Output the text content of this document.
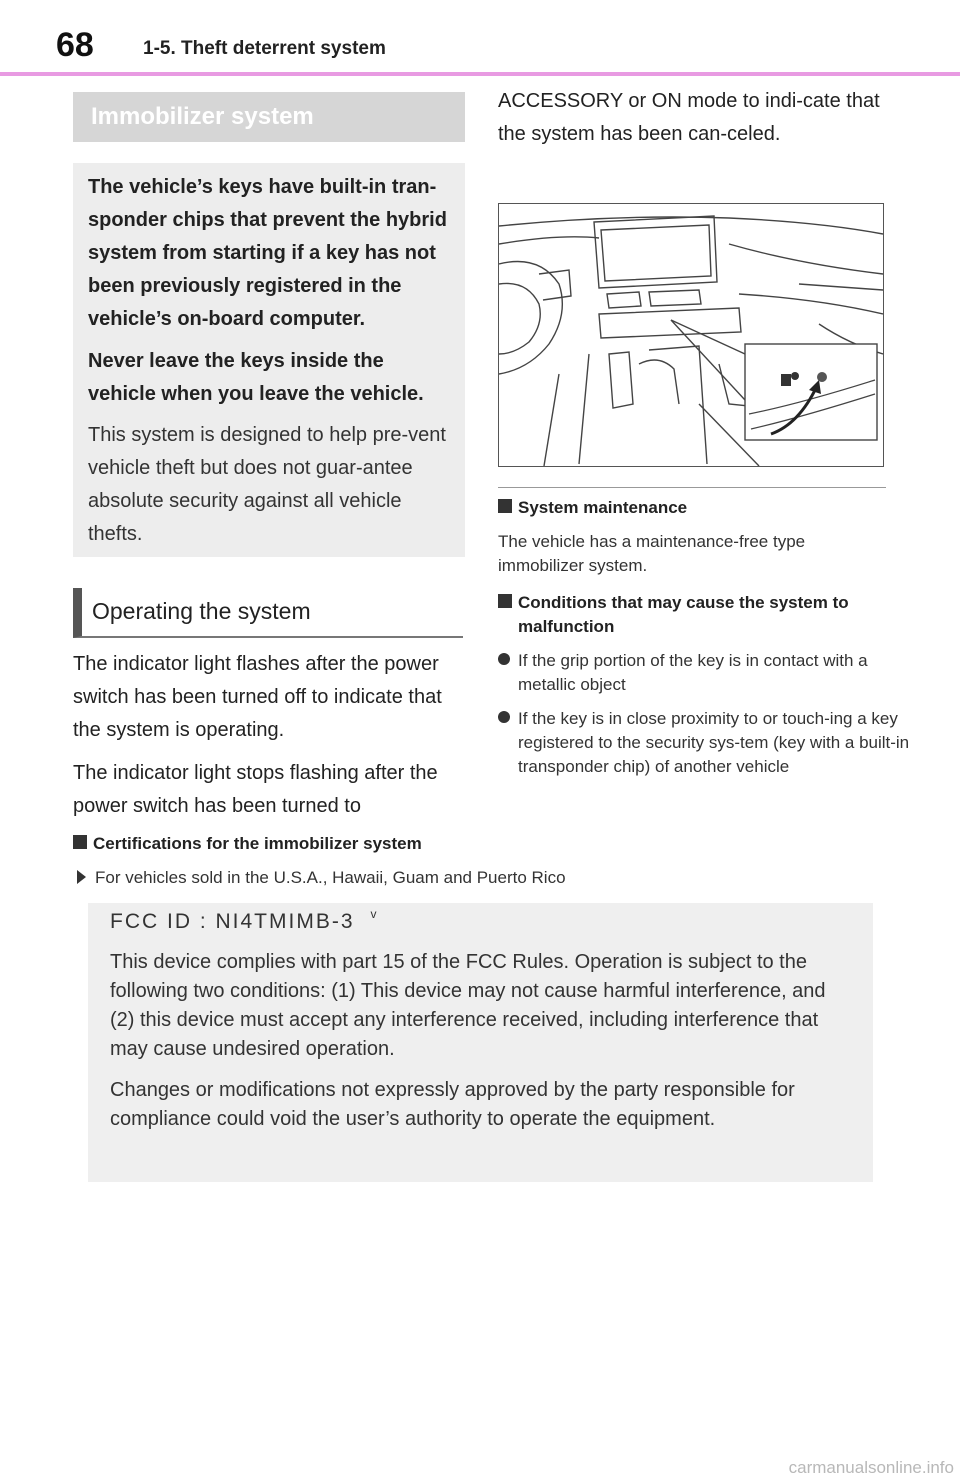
68	1-5. Theft deterrent system
Immobilizer system

The vehicle’s keys have built-in tran-sponder chips that prevent the hybrid system from starting if a key has not been previously registered in the vehicle’s on-board computer.

Never leave the keys inside the vehicle when you leave the vehicle.

This system is designed to help pre-vent vehicle theft but does not guar-antee absolute security against all vehicle thefts.

Operating the system

The indicator light flashes after the power switch has been turned off to indicate that the system is operating.

The indicator light stops flashing after the power switch has been turned to

ACCESSORY or ON mode to indi-cate that the system has been can-celed.

System maintenance

The vehicle has a maintenance-free type immobilizer system.

Conditions that may cause the system to malfunction

If the grip portion of the key is in contact with a metallic object

If the key is in close proximity to or touch-ing a key registered to the security sys-tem (key with a built-in transponder chip) of another vehicle

Certifications for the immobilizer system

For vehicles sold in the U.S.A., Hawaii, Guam and Puerto Rico

FCC ID : NI4TMIMB-3 $^v$

This device complies with part 15 of the FCC Rules. Operation is subject to the following two conditions: (1) This device may not cause harmful interference, and (2) this device must accept any interference received, including interference that may cause undesired operation.

Changes or modifications not expressly approved by the party responsible for compliance could void the user’s authority to operate the equipment.

carmanualsonline.info
